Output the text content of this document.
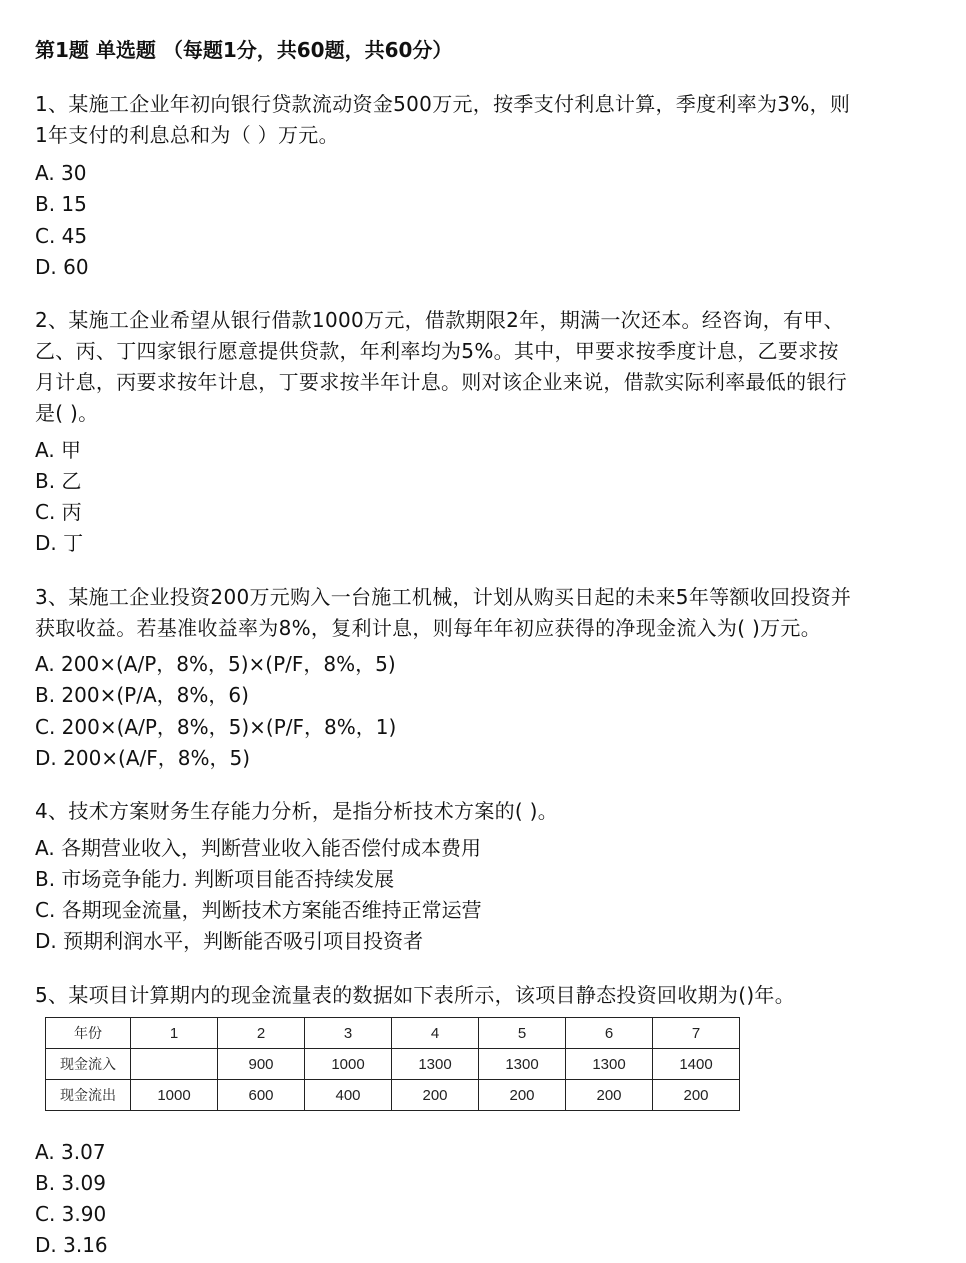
第1题 单选题 （每题1分，共60题，共60分）
1、某施工企业年初向银行贷款流动资金500万元，按季支付利息计算，季度利率为3%，则
1年支付的利息总和为（ ）万元。
A. 30
B. 15
C. 45
D. 60
2、某施工企业希望从银行借款1000万元，借款期限2年，期满一次还本。经咨询，有甲、
乙、丙、丁四家银行愿意提供贷款，年利率均为5%。其中，甲要求按季度计息，乙要求按
月计息，丙要求按年计息，丁要求按半年计息。则对该企业来说，借款实际利率最低的银行
是( )。
A. 甲
B. 乙
C. 丙
D. 丁
3、某施工企业投资200万元购入一台施工机械，计划从购买日起的未来5年等额收回投资并
获取收益。若基准收益率为8%，复利计息，则每年年初应获得的净现金流入为( )万元。
A. 200×(A/P，8%，5)×(P/F，8%，5)
B. 200×(P/A，8%，6)
C. 200×(A/P，8%，5)×(P/F，8%，1)
D. 200×(A/F，8%，5)
4、技术方案财务生存能力分析，是指分析技术方案的( )。
A. 各期营业收入，判断营业收入能否偿付成本费用
B. 市场竞争能力. 判断项目能否持续发展
C. 各期现金流量，判断技术方案能否维持正常运营
D. 预期利润水平，判断能否吸引项目投资者
5、某项目计算期内的现金流量表的数据如下表所示，该项目静态投资回收期为()年。
年份	1	2	3	4	5	6	7
现金流入		900	1000	1300	1300	1300	1400
现金流出	1000	600	400	200	200	200	200
A. 3.07
B. 3.09
C. 3.90
D. 3.16
